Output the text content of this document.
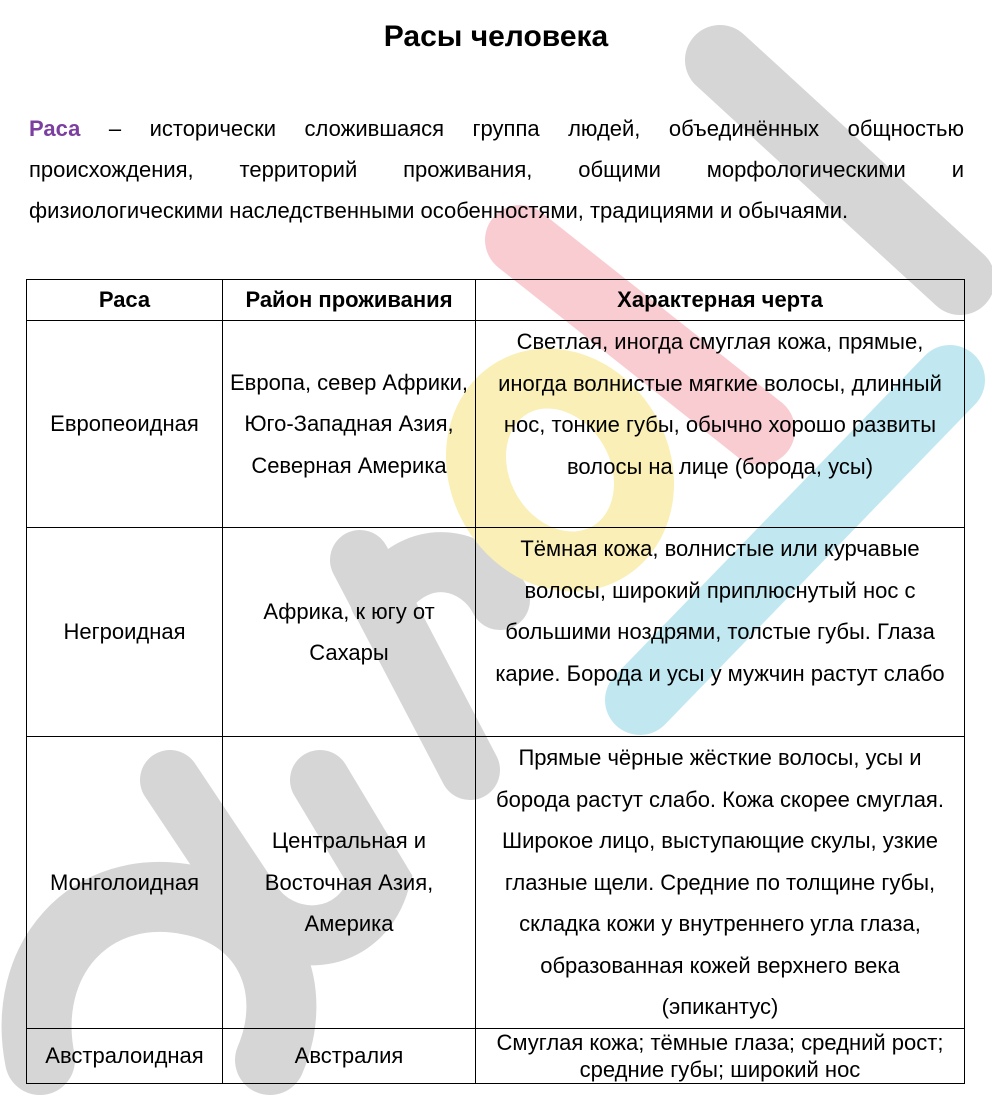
Расы человека

Раса – исторически сложившаяся группа людей, объединённых общностью происхождения, территорий проживания, общими морфологическими и физиологическими наследственными особенностями, традициями и обычаями.

Раса	Район проживания	Характерная черта
Европеоидная	Европа, север Африки, Юго-Западная Азия, Северная Америка	Светлая, иногда смуглая кожа, прямые, иногда волнистые мягкие волосы, длинный нос, тонкие губы, обычно хорошо развиты волосы на лице (борода, усы)
Негроидная	Африка, к югу от Сахары	Тёмная кожа, волнистые или курчавые волосы, широкий приплюснутый нос с большими ноздрями, толстые губы. Глаза карие. Борода и усы у мужчин растут слабо
Монголоидная	Центральная и Восточная Азия, Америка	Прямые чёрные жёсткие волосы, усы и борода растут слабо. Кожа скорее смуглая. Широкое лицо, выступающие скулы, узкие глазные щели. Средние по толщине губы, складка кожи у внутреннего угла глаза, образованная кожей верхнего века (эпикантус)
Австралоидная	Австралия	Смуглая кожа; тёмные глаза; средний рост; средние губы; широкий нос
